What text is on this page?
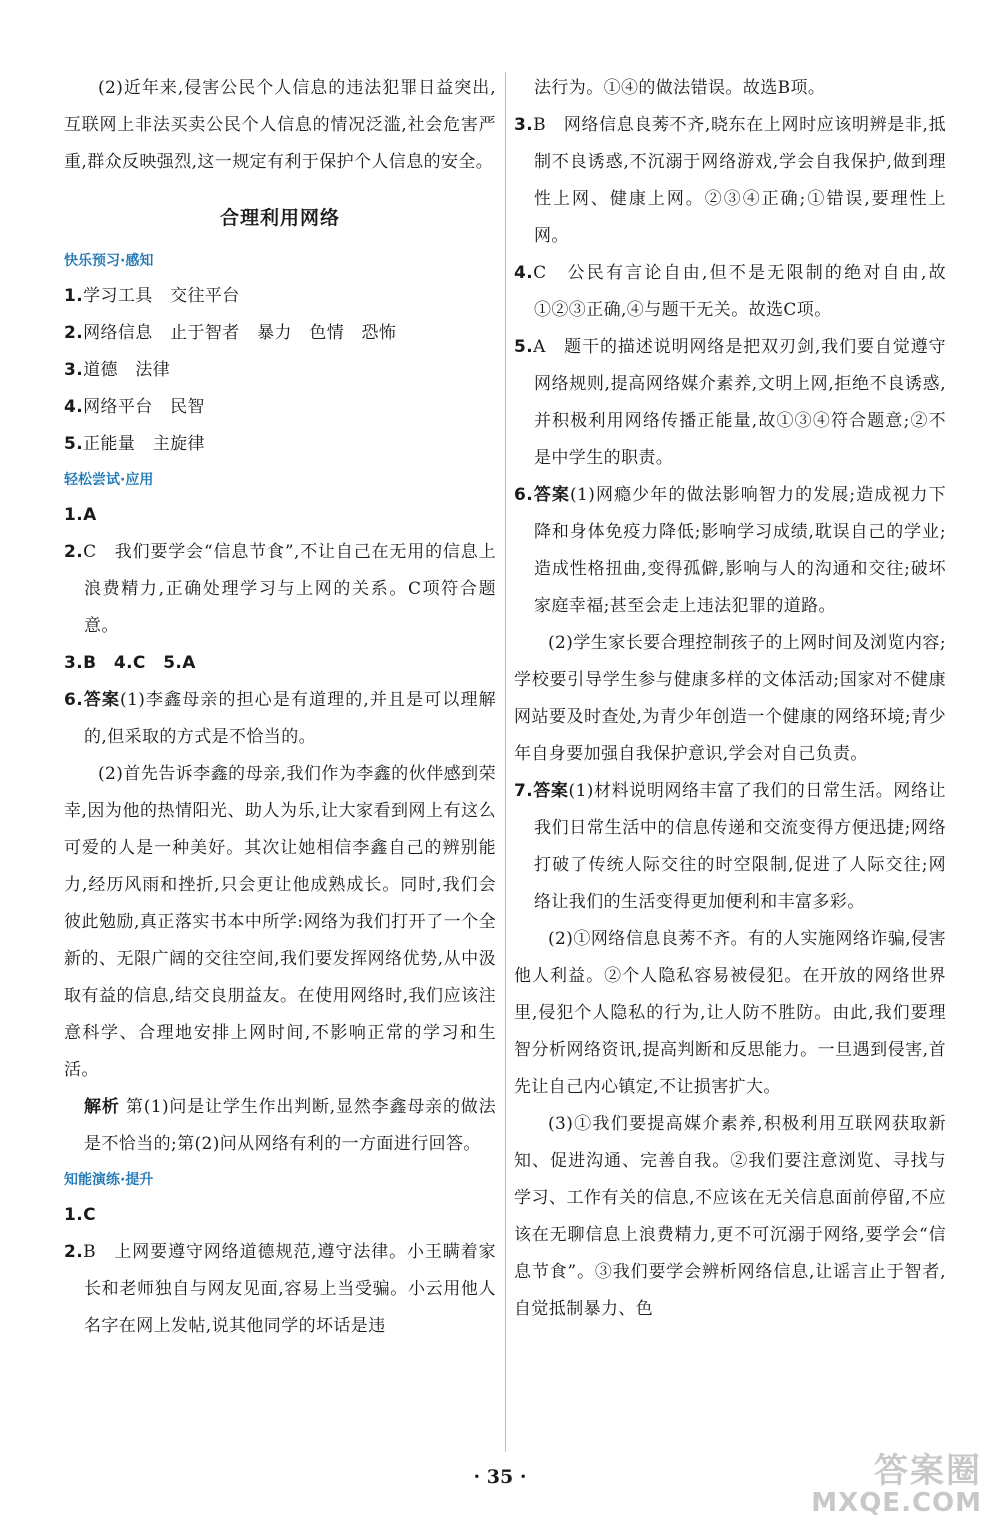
(2)近年来,侵害公民个人信息的违法犯罪日益突出,互联网上非法买卖公民个人信息的情况泛滥,社会危害严重,群众反映强烈,这一规定有利于保护个人信息的安全。

合理利用网络

快乐预习·感知

1.学习工具　交往平台

2.网络信息　止于智者　暴力　色情　恐怖

3.道德　法律

4.网络平台　民智

5.正能量　主旋律

轻松尝试·应用

1.A

2.C　我们要学会“信息节食”,不让自己在无用的信息上浪费精力,正确处理学习与上网的关系。C项符合题意。

3.B　4.C　5.A

6.答案(1)李鑫母亲的担心是有道理的,并且是可以理解的,但采取的方式是不恰当的。

(2)首先告诉李鑫的母亲,我们作为李鑫的伙伴感到荣幸,因为他的热情阳光、助人为乐,让大家看到网上有这么可爱的人是一种美好。其次让她相信李鑫自己的辨别能力,经历风雨和挫折,只会更让他成熟成长。同时,我们会彼此勉励,真正落实书本中所学:网络为我们打开了一个全新的、无限广阔的交往空间,我们要发挥网络优势,从中汲取有益的信息,结交良朋益友。在使用网络时,我们应该注意科学、合理地安排上网时间,不影响正常的学习和生活。

解析 第(1)问是让学生作出判断,显然李鑫母亲的做法是不恰当的;第(2)问从网络有利的一方面进行回答。

知能演练·提升

1.C

2.B　上网要遵守网络道德规范,遵守法律。小王瞒着家长和老师独自与网友见面,容易上当受骗。小云用他人名字在网上发帖,说其他同学的坏话是违

法行为。①④的做法错误。故选B项。

3.B　网络信息良莠不齐,晓东在上网时应该明辨是非,抵制不良诱惑,不沉溺于网络游戏,学会自我保护,做到理性上网、健康上网。②③④正确;①错误,要理性上网。

4.C　公民有言论自由,但不是无限制的绝对自由,故①②③正确,④与题干无关。故选C项。

5.A　题干的描述说明网络是把双刃剑,我们要自觉遵守网络规则,提高网络媒介素养,文明上网,拒绝不良诱惑,并积极利用网络传播正能量,故①③④符合题意;②不是中学生的职责。

6.答案(1)网瘾少年的做法影响智力的发展;造成视力下降和身体免疫力降低;影响学习成绩,耽误自己的学业;造成性格扭曲,变得孤僻,影响与人的沟通和交往;破坏家庭幸福;甚至会走上违法犯罪的道路。

(2)学生家长要合理控制孩子的上网时间及浏览内容;学校要引导学生参与健康多样的文体活动;国家对不健康网站要及时查处,为青少年创造一个健康的网络环境;青少年自身要加强自我保护意识,学会对自己负责。

7.答案(1)材料说明网络丰富了我们的日常生活。网络让我们日常生活中的信息传递和交流变得方便迅捷;网络打破了传统人际交往的时空限制,促进了人际交往;网络让我们的生活变得更加便利和丰富多彩。

(2)①网络信息良莠不齐。有的人实施网络诈骗,侵害他人利益。②个人隐私容易被侵犯。在开放的网络世界里,侵犯个人隐私的行为,让人防不胜防。由此,我们要理智分析网络资讯,提高判断和反思能力。一旦遇到侵害,首先让自己内心镇定,不让损害扩大。

(3)①我们要提高媒介素养,积极利用互联网获取新知、促进沟通、完善自我。②我们要注意浏览、寻找与学习、工作有关的信息,不应该在无关信息面前停留,不应该在无聊信息上浪费精力,更不可沉溺于网络,要学会“信息节食”。③我们要学会辨析网络信息,让谣言止于智者,自觉抵制暴力、色

· 35 ·	答案圈
MXQE.COM
